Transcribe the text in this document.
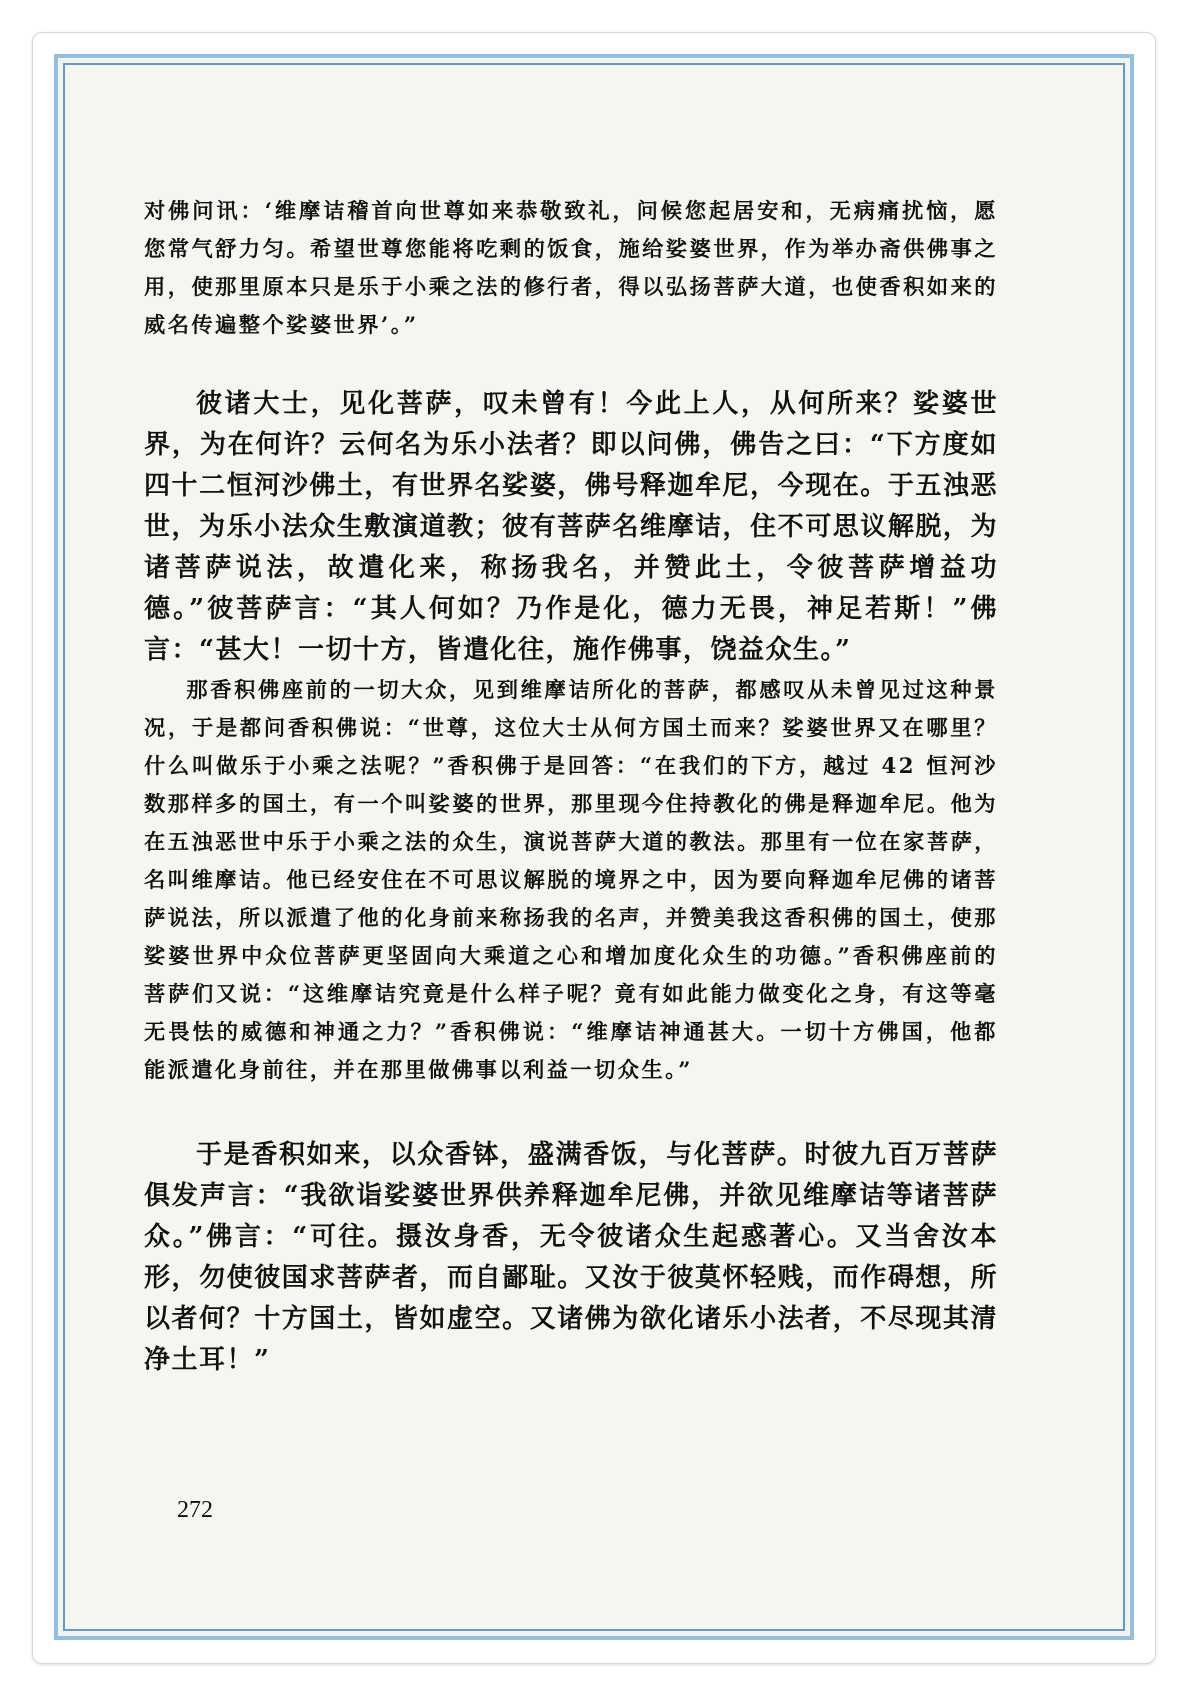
对佛问讯：‘维摩诘稽首向世尊如来恭敬致礼，问候您起居安和，无病痛扰恼，愿您常气舒力匀。希望世尊您能将吃剩的饭食，施给娑婆世界，作为举办斋供佛事之用，使那里原本只是乐于小乘之法的修行者，得以弘扬菩萨大道，也使香积如来的威名传遍整个娑婆世界’。”

彼诸大士，见化菩萨，叹未曾有！今此上人，从何所来？娑婆世界，为在何许？云何名为乐小法者？即以问佛，佛告之曰：“下方度如四十二恒河沙佛土，有世界名娑婆，佛号释迦牟尼，今现在。于五浊恶世，为乐小法众生敷演道教；彼有菩萨名维摩诘，住不可思议解脱，为诸菩萨说法，故遣化来，称扬我名，并赞此土，令彼菩萨增益功德。”彼菩萨言：“其人何如？乃作是化，德力无畏，神足若斯！”佛言：“甚大！一切十方，皆遣化往，施作佛事，饶益众生。”

那香积佛座前的一切大众，见到维摩诘所化的菩萨，都感叹从未曾见过这种景况，于是都问香积佛说：“世尊，这位大士从何方国土而来？娑婆世界又在哪里？什么叫做乐于小乘之法呢？”香积佛于是回答：“在我们的下方，越过 42 恒河沙数那样多的国土，有一个叫娑婆的世界，那里现今住持教化的佛是释迦牟尼。他为在五浊恶世中乐于小乘之法的众生，演说菩萨大道的教法。那里有一位在家菩萨，名叫维摩诘。他已经安住在不可思议解脱的境界之中，因为要向释迦牟尼佛的诸菩萨说法，所以派遣了他的化身前来称扬我的名声，并赞美我这香积佛的国土，使那娑婆世界中众位菩萨更坚固向大乘道之心和增加度化众生的功德。”香积佛座前的菩萨们又说：“这维摩诘究竟是什么样子呢？竟有如此能力做变化之身，有这等毫无畏怯的威德和神通之力？”香积佛说：“维摩诘神通甚大。一切十方佛国，他都能派遣化身前往，并在那里做佛事以利益一切众生。”

于是香积如来，以众香钵，盛满香饭，与化菩萨。时彼九百万菩萨俱发声言：“我欲诣娑婆世界供养释迦牟尼佛，并欲见维摩诘等诸菩萨众。”佛言：“可往。摄汝身香，无令彼诸众生起惑著心。又当舍汝本形，勿使彼国求菩萨者，而自鄙耻。又汝于彼莫怀轻贱，而作碍想，所以者何？十方国土，皆如虚空。又诸佛为欲化诸乐小法者，不尽现其清净土耳！”

272
